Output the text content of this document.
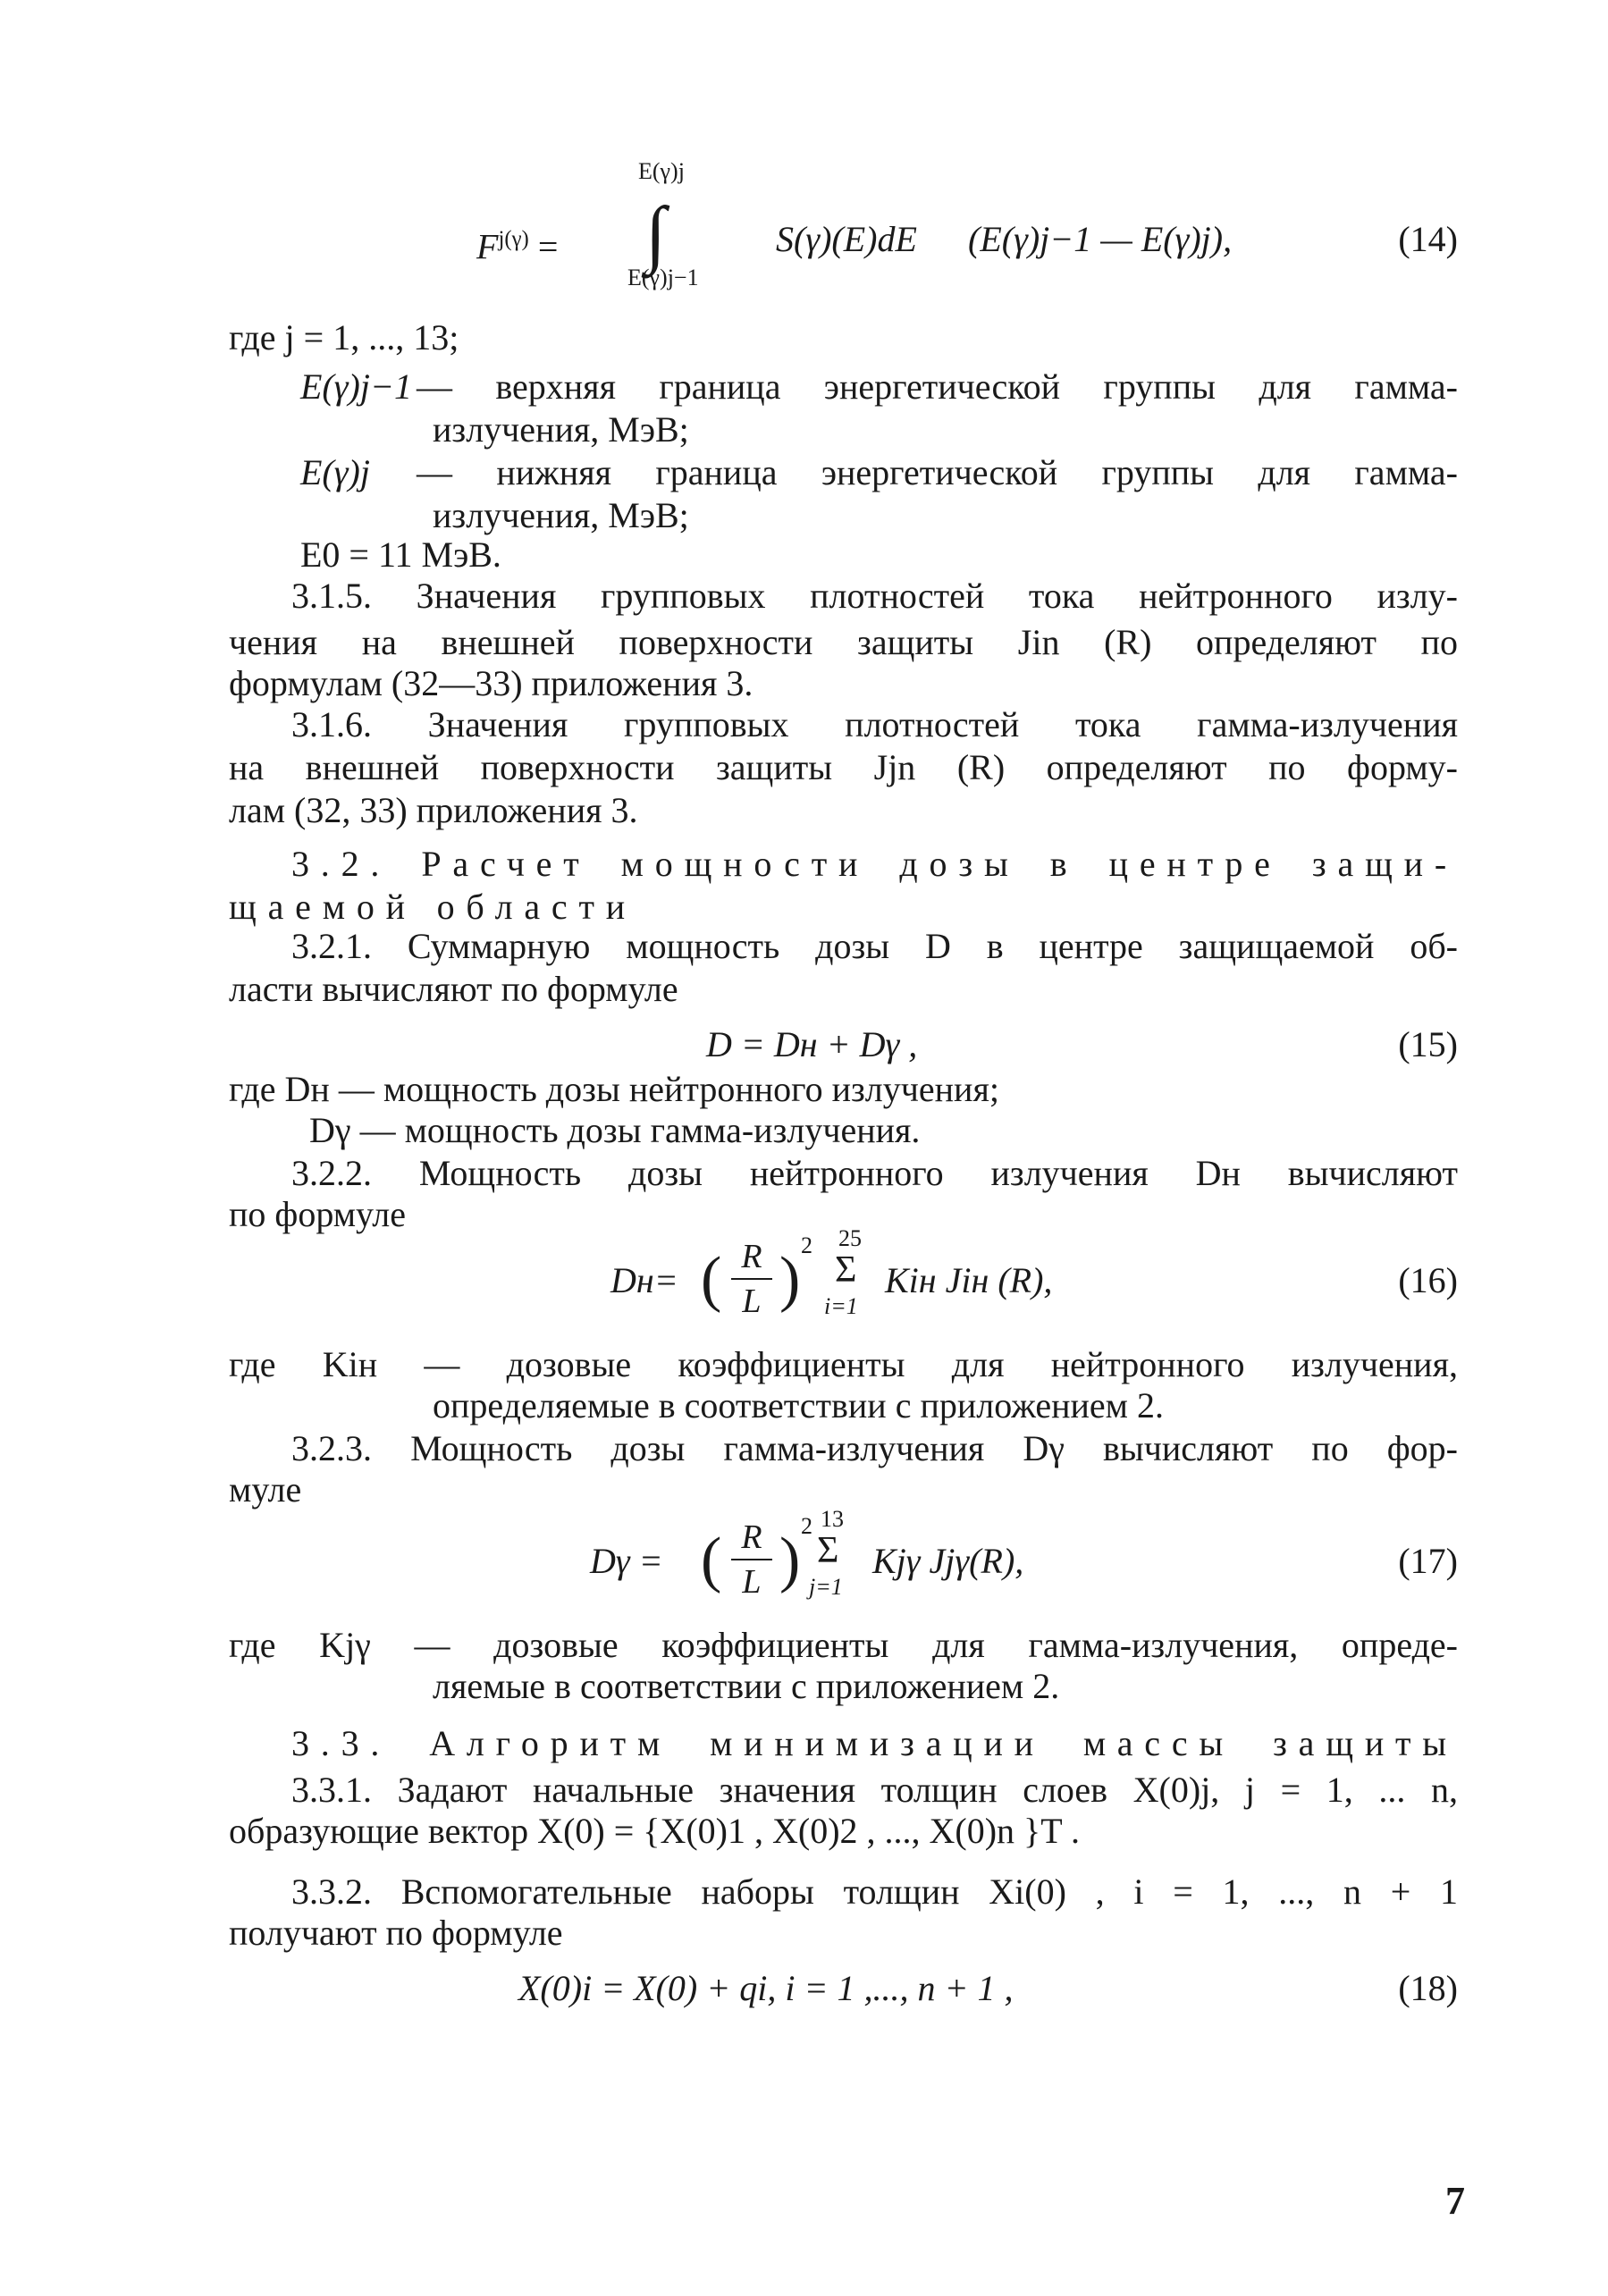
E(γ)j
$F^{j(\gamma)}$ = ∫
E(γ)j−1
S(γ)(E)dE (E(γ)j−1 — E(γ)j),	(14)
где j = 1, ..., 13;
E(γ)j−1 — верхняя граница энергетической группы для гамма-
излучения, МэВ;
E(γ)j — нижняя граница энергетической группы для гамма-
излучения, МэВ;
E0 = 11 МэВ.
3.1.5. Значения групповых плотностей тока нейтронного излу-
чения на внешней поверхности защиты Jin (R) определяют по
формулам (32—33) приложения 3.
3.1.6. Значения групповых плотностей тока гамма-излучения
на внешней поверхности защиты Jjn (R) определяют по форму-
лам (32, 33) приложения 3.
3.2. Расчет мощности дозы в центре защи-
щаемой области
3.2.1. Суммарную мощность дозы D в центре защищаемой об-
ласти вычисляют по формуле
D = Dн + Dγ ,	(15)
где Dн — мощность дозы нейтронного излучения;
Dγ — мощность дозы гамма-излучения.
3.2.2. Мощность дозы нейтронного излучения Dн вычисляют
по формуле
Dн= ( R
L ) 2 25
Σ
i=1
Kiн Jiн (R),	(16)
где Kiн — дозовые коэффициенты для нейтронного излучения,
определяемые в соответствии с приложением 2.
3.2.3. Мощность дозы гамма-излучения Dγ вычисляют по фор-
муле
Dγ = ( R
L ) 2 13
Σ
j=1
Kjγ Jjγ(R),	(17)
где Kjγ — дозовые коэффициенты для гамма-излучения, опреде-
ляемые в соответствии с приложением 2.
3.3. Алгоритм минимизации массы защиты
3.3.1. Задают начальные значения толщин слоев X(0)j, j = 1, ... n,
образующие вектор X(0) = {X(0)1 , X(0)2 , ..., X(0)n }T .
3.3.2. Вспомогательные наборы толщин Xi(0) , i = 1, ..., n + 1
получают по формуле
X(0)i = X(0) + qi, i = 1 ,..., n + 1 ,	(18)
7
